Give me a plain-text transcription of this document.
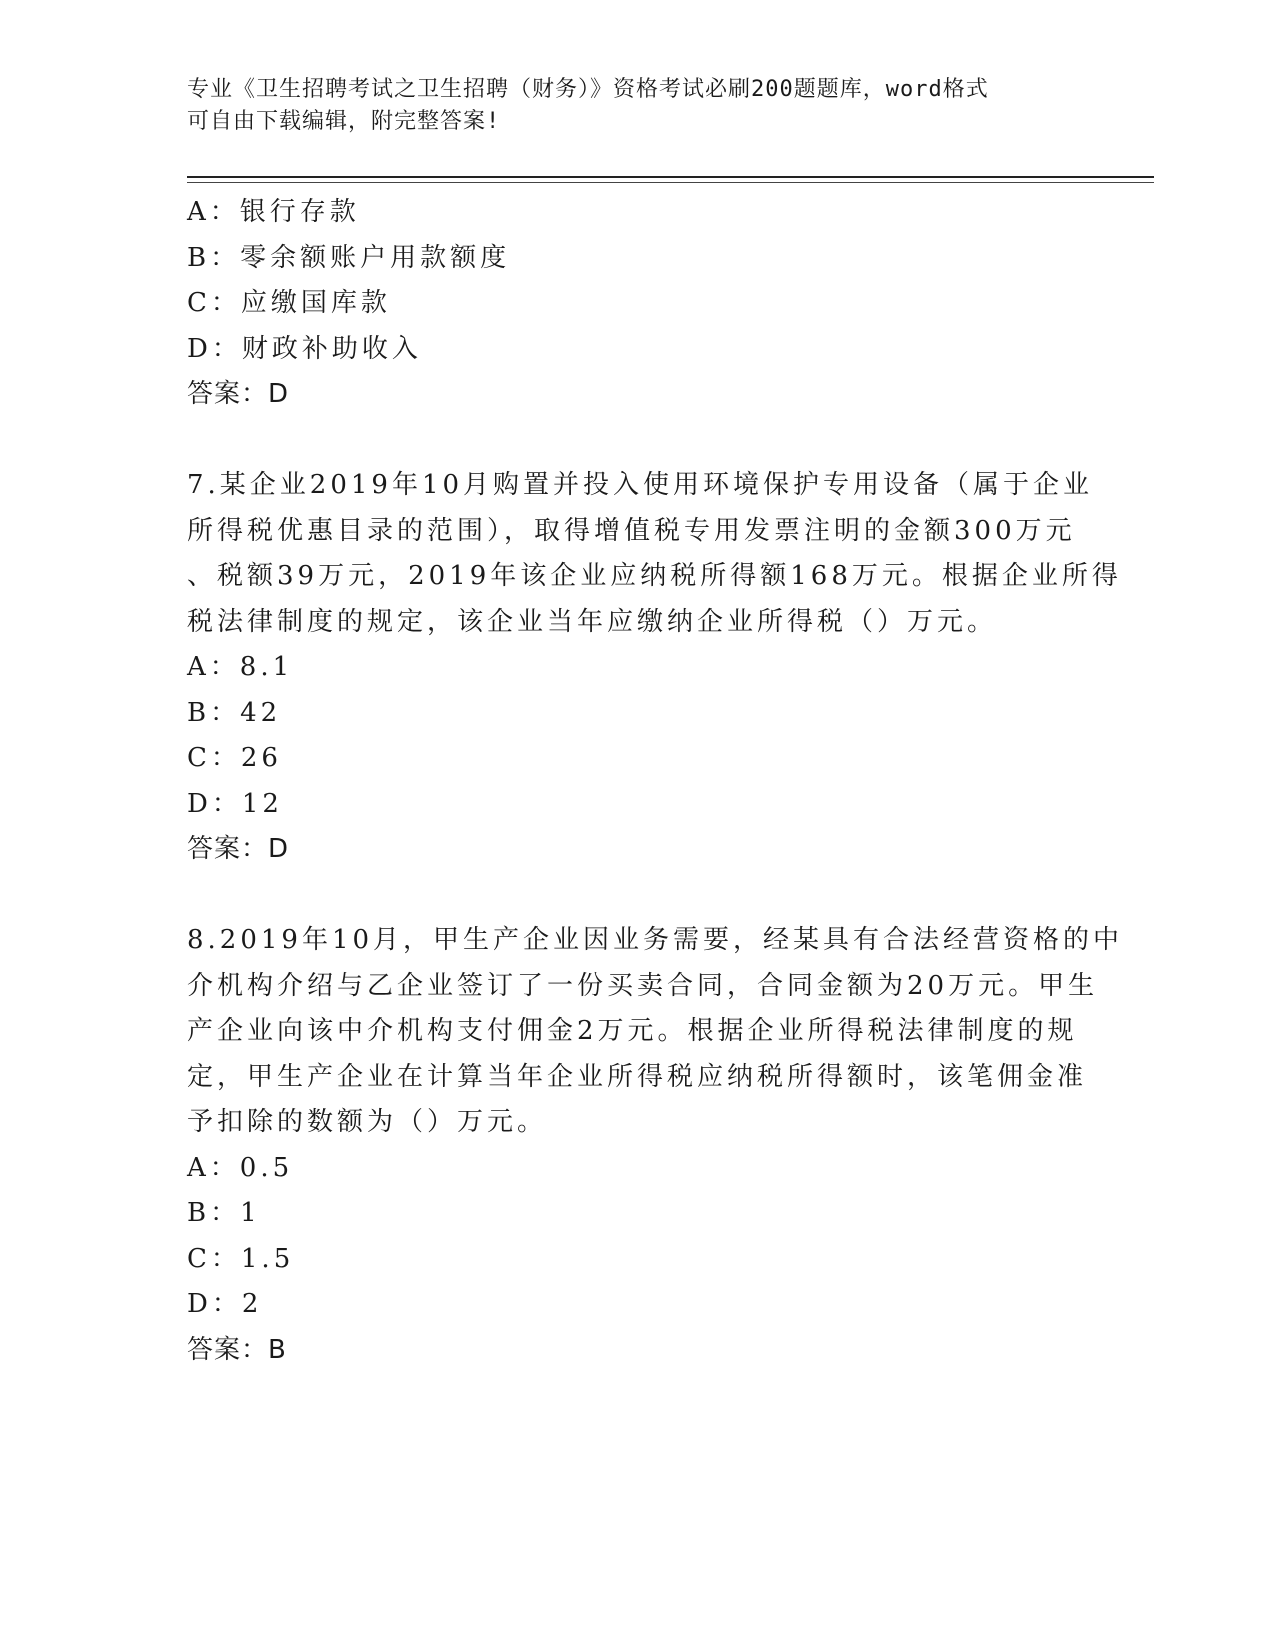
专业《卫生招聘考试之卫生招聘（财务）》资格考试必刷200题题库，word格式
可自由下载编辑，附完整答案!
A：银行存款
B：零余额账户用款额度
C：应缴国库款
D：财政补助收入
答案：D
7.某企业2019年10月购置并投入使用环境保护专用设备（属于企业
所得税优惠目录的范围），取得增值税专用发票注明的金额300万元
、税额39万元，2019年该企业应纳税所得额168万元。根据企业所得
税法律制度的规定，该企业当年应缴纳企业所得税（）万元。
A：8.1
B：42
C：26
D：12
答案：D
8.2019年10月，甲生产企业因业务需要，经某具有合法经营资格的中
介机构介绍与乙企业签订了一份买卖合同，合同金额为20万元。甲生
产企业向该中介机构支付佣金2万元。根据企业所得税法律制度的规
定，甲生产企业在计算当年企业所得税应纳税所得额时，该笔佣金准
予扣除的数额为（）万元。
A：0.5
B：1
C：1.5
D：2
答案：B
